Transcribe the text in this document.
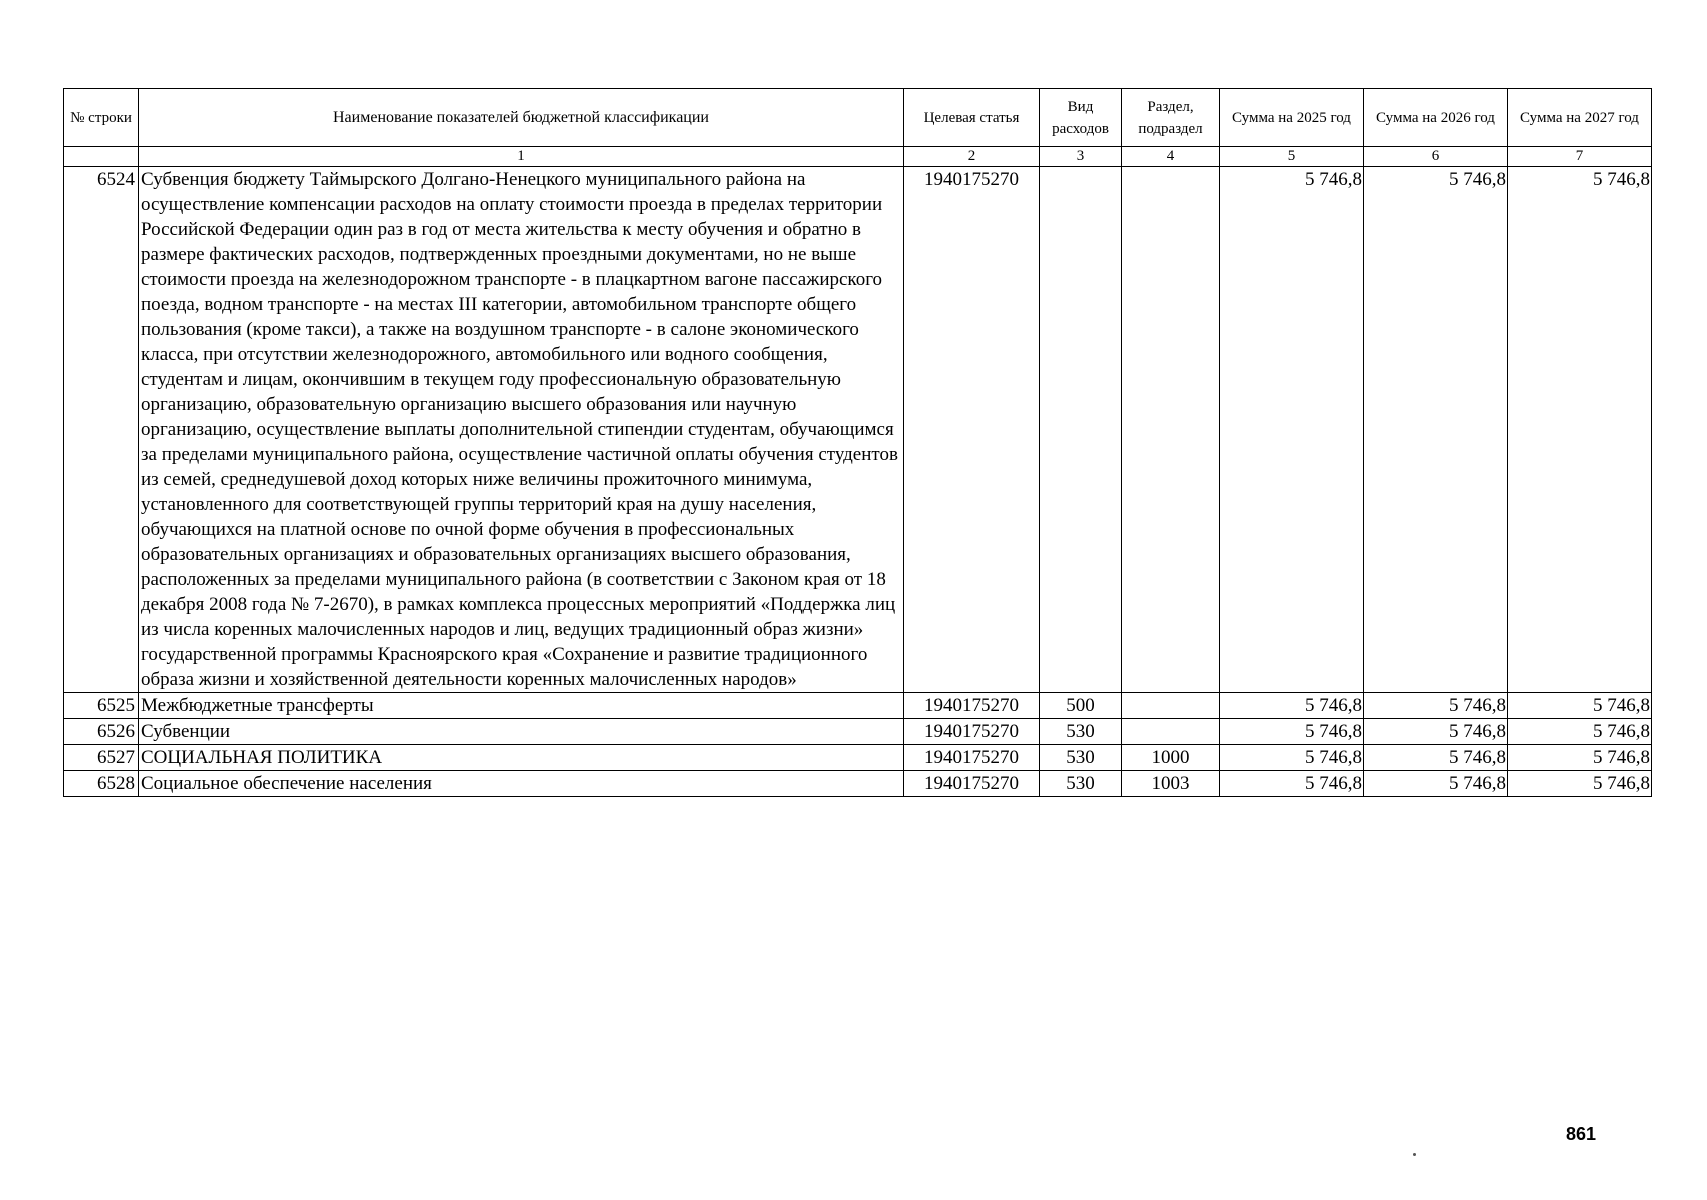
№ строки	Наименование показателей бюджетной классификации	Целевая статья	Вид расходов	Раздел, подраздел	Сумма на 2025 год	Сумма на 2026 год	Сумма на 2027 год
	1	2	3	4	5	6	7
6524	Субвенция бюджету Таймырского Долгано-Ненецкого муниципального района на осуществление компенсации расходов на оплату стоимости проезда в пределах территории Российской Федерации один раз в год от места жительства к месту обучения и обратно в размере фактических расходов, подтвержденных проездными документами, но не выше стоимости проезда на железнодорожном транспорте - в плацкартном вагоне пассажирского поезда, водном транспорте - на местах III категории, автомобильном транспорте общего пользования (кроме такси), а также на воздушном транспорте - в салоне экономического класса, при отсутствии железнодорожного, автомобильного или водного сообщения, студентам и лицам, окончившим в текущем году профессиональную образовательную организацию, образовательную организацию высшего образования или научную организацию, осуществление выплаты дополнительной стипендии студентам, обучающимся за пределами муниципального района, осуществление частичной оплаты обучения студентов из семей, среднедушевой доход которых ниже величины прожиточного минимума, установленного для соответствующей группы территорий края на душу населения, обучающихся на платной основе по очной форме обучения в профессиональных образовательных организациях и образовательных организациях высшего образования, расположенных за пределами муниципального района (в соответствии с Законом края от 18 декабря 2008 года № 7-2670), в рамках комплекса процессных мероприятий «Поддержка лиц из числа коренных малочисленных народов и лиц, ведущих традиционный образ жизни» государственной программы Красноярского края «Сохранение и развитие традиционного образа жизни и хозяйственной деятельности коренных малочисленных народов»	1940175270			5 746,8	5 746,8	5 746,8
6525	Межбюджетные трансферты	1940175270	500		5 746,8	5 746,8	5 746,8
6526	Субвенции	1940175270	530		5 746,8	5 746,8	5 746,8
6527	СОЦИАЛЬНАЯ ПОЛИТИКА	1940175270	530	1000	5 746,8	5 746,8	5 746,8
6528	Социальное обеспечение населения	1940175270	530	1003	5 746,8	5 746,8	5 746,8
861
